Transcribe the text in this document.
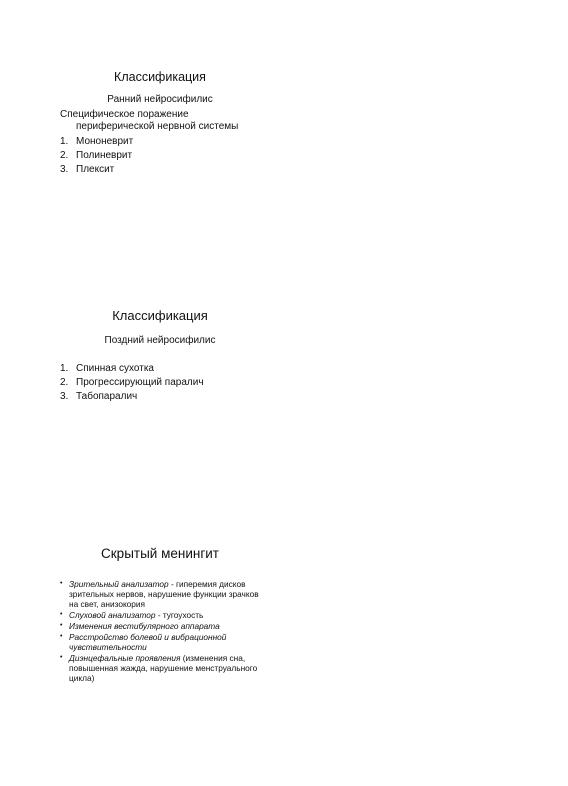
Классификация
Ранний нейросифилис
Специфическое поражение
периферической нервной системы
1. Мононеврит
2. Полиневрит
3. Плексит
Классификация
Поздний нейросифилис
1. Спинная сухотка
2. Прогрессирующий паралич
3. Табопаралич
Скрытый менингит
• Зрительный анализатор - гиперемия дисков зрительных нервов, нарушение функции зрачков на свет, анизокория
• Слуховой анализатор - тугоухость
• Изменения вестибулярного аппарата
• Расстройство болевой и вибрационной чувствительности
• Диэнцефальные проявления (изменения сна, повышенная жажда, нарушение менструального цикла)
